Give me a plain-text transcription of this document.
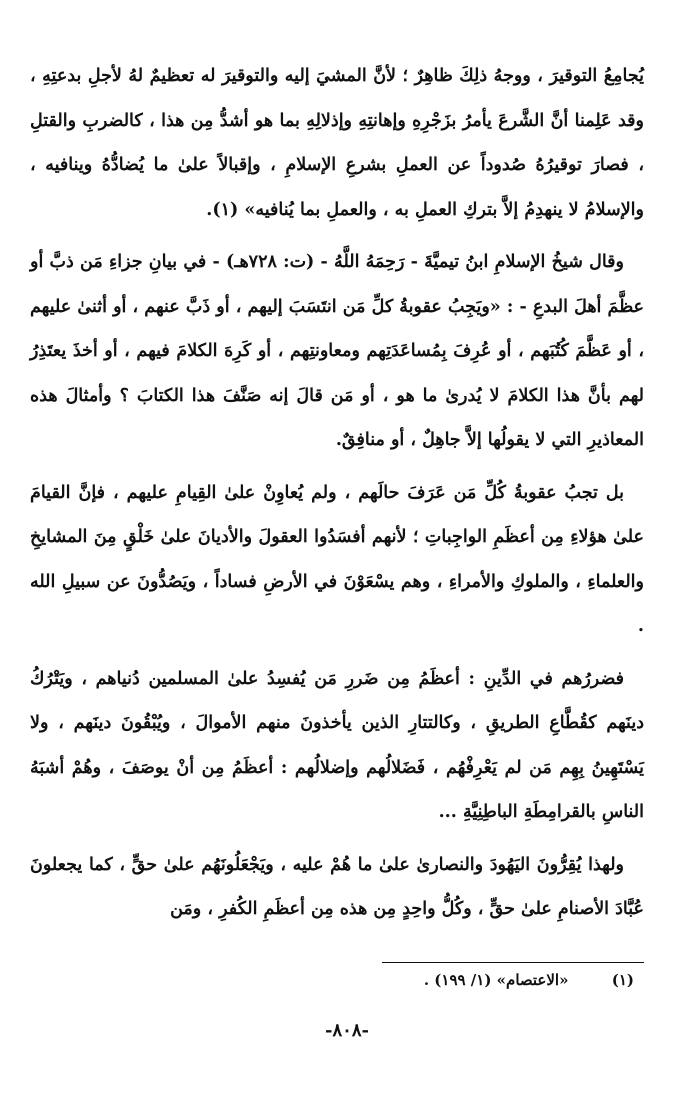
يُجامِعُ التوقيرَ ، ووجهُ ذلِكَ ظاهِرٌ ؛ لأنَّ المشيَ إليه والتوقيرَ له تعظيمٌ لهُ لأجلِ بدعتِهِ ، وقد عَلِمنا أنَّ الشَّرعَ يأمرُ بزَجْرِهِ وإهانتِهِ وإذلالِهِ بما هو أشدُّ مِن هذا ، كالضربِ والقتلِ ، فصارَ توقيرُهُ صُدوداً عن العملِ بشرعِ الإسلامِ ، وإقبالاً علىٰ ما يُضادُّهُ وينافيه ، والإسلامُ لا ينهدِمُ إلاَّ بتركِ العملِ به ، والعملِ بما يُنافيه» (١).

وقال شيخُ الإسلامِ ابنُ تيميَّةَ - رَحِمَهُ اللَّهُ - (ت: ٧٢٨هـ) - في بيانِ جزاءِ مَن ذبَّ أو عظَّمَ أهلَ البدعِ - : «ويَجِبُ عقوبةُ كلِّ مَن انتَسَبَ إليهم ، أو ذَبَّ عنهم ، أو أثنىٰ عليهم ، أو عَظَّمَ كُتُبَهم ، أو عُرِفَ بِمُساعَدَتِهم ومعاونتِهم ، أو كَرِهَ الكلامَ فيهم ، أو أخذَ يعتَذِرُ لهم بأنَّ هذا الكلامَ لا يُدرىٰ ما هو ، أو مَن قالَ إنه صَنَّفَ هذا الكتابَ ؟ وأمثالَ هذه المعاذيرِ التي لا يقولُها إلاَّ جاهِلٌ ، أو منافِقٌ.

بل تجبُ عقوبةُ كُلِّ مَن عَرَفَ حالَهم ، ولم يُعاوِنْ علىٰ القِيامِ عليهم ، فإنَّ القيامَ علىٰ هؤلاءِ مِن أعظَمِ الواجِباتِ ؛ لأنهم أفسَدُوا العقولَ والأديانَ علىٰ خَلْقٍ مِنَ المشايخِ والعلماءِ ، والملوكِ والأمراءِ ، وهم يسْعَوْنَ في الأرضِ فساداً ، ويَصُدُّونَ عن سبيلِ الله .

فضررُهم في الدِّينِ : أعظَمُ مِن ضَررِ مَن يُفسِدُ علىٰ المسلمين دُنياهم ، ويَتْرُكُ دينَهم كقُطَّاعِ الطريقِ ، وكالتتارِ الذين يأخذونَ منهم الأموالَ ، ويُبْقُونَ دينَهم ، ولا يَسْتَهِينُ بِهِم مَن لم يَعْرِفْهُم ، فَضَلالُهم وإضلالُهم : أعظَمُ مِن أنْ يوصَفَ ، وهُمْ أشبَهُ الناسِ بالقرامِطَةِ الباطِنِيَّةِ ...

ولهذا يُقِرُّونَ اليَهُودَ والنصارىٰ علىٰ ما هُمْ عليه ، ويَجْعَلُونَهُم علىٰ حقٍّ ، كما يجعلونَ عُبَّادَ الأصنامِ علىٰ حقٍّ ، وكُلُّ واحِدٍ مِن هذه مِن أعظَمِ الكُفرِ ، ومَن

(١) «الاعتصام» (١/ ١٩٩) .
-٨٠٨-
